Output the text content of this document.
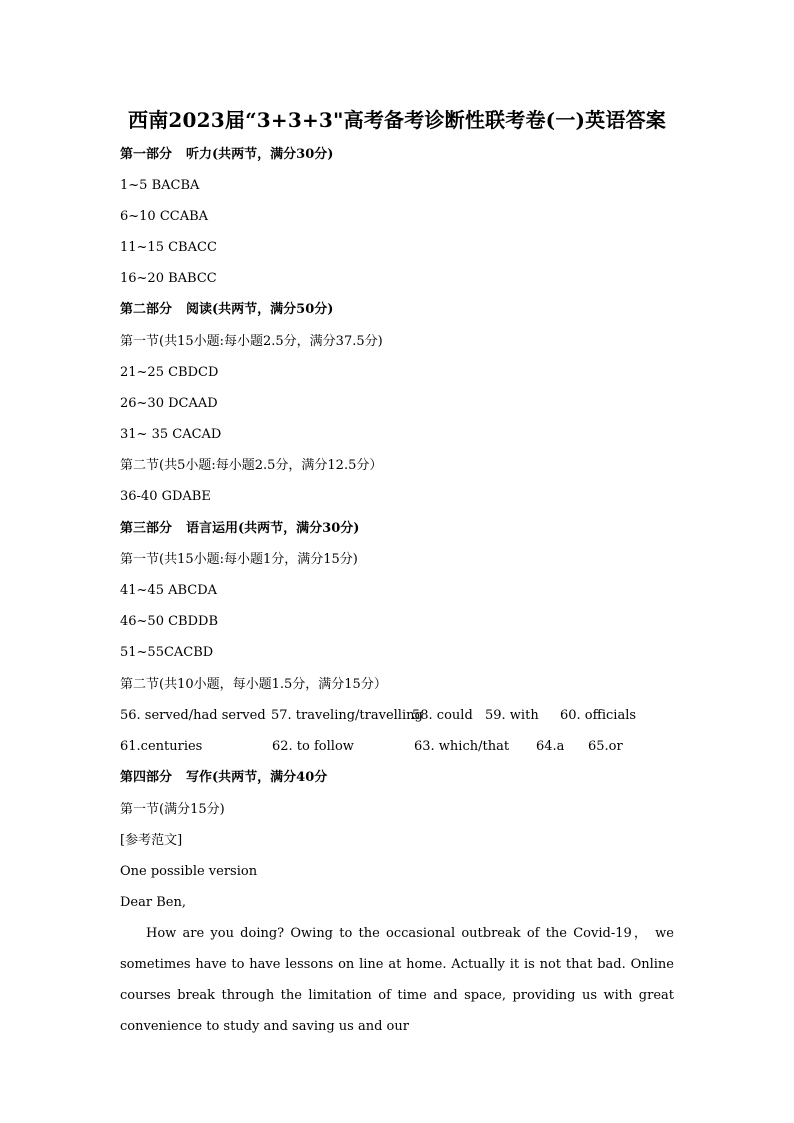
西南2023届“3+3+3"高考备考诊断性联考卷(一)英语答案
第一部分 听力(共两节，满分30分)
1~5 BACBA
6~10 CCABA
11~15 CBACC
16~20 BABCC
第二部分 阅读(共两节，满分50分)
第一节(共15小题:每小题2.5分，满分37.5分)
21~25 CBDCD
26~30 DCAAD
31~ 35 CACAD
第二节(共5小题:每小题2.5分，满分12.5分）
36-40 GDABE
第三部分 语言运用(共两节，满分30分)
第一节(共15小题:每小题1分，满分15分)
41~45 ABCDA
46~50 CBDDB
51~55CACBD
第二节(共10小题，每小题1.5分，满分15分）
56. served/had served 57. traveling/travelling
58. could 59. with 60. officials
61.centuries	62. to follow	63. which/that 64.a 65.or
第四部分 写作(共两节，满分40分
第一节(满分15分)
[参考范文]
One possible version
Dear Ben,
How are you doing? Owing to the occasional outbreak of the Covid-19， we sometimes have to have lessons on line at home. Actually it is not that bad. Online courses break through the limitation of time and space, providing us with great convenience to study and saving us and our
